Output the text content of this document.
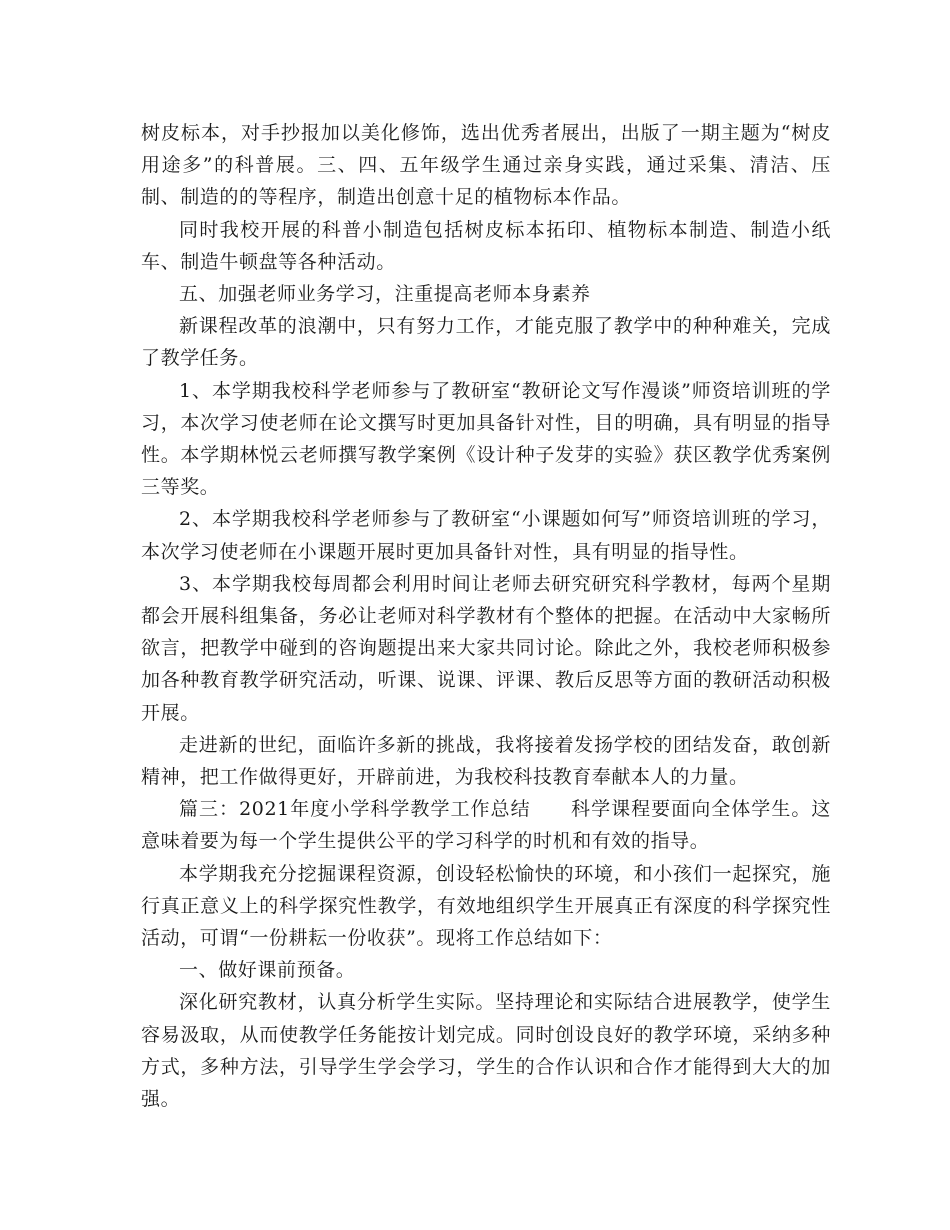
树皮标本，对手抄报加以美化修饰，选出优秀者展出，出版了一期主题为“树皮用途多”的科普展。三、四、五年级学生通过亲身实践，通过采集、清洁、压制、制造的的等程序，制造出创意十足的植物标本作品。

同时我校开展的科普小制造包括树皮标本拓印、植物标本制造、制造小纸车、制造牛顿盘等各种活动。

五、加强老师业务学习，注重提高老师本身素养

新课程改革的浪潮中，只有努力工作，才能克服了教学中的种种难关，完成了教学任务。

1、本学期我校科学老师参与了教研室“教研论文写作漫谈”师资培训班的学习，本次学习使老师在论文撰写时更加具备针对性，目的明确，具有明显的指导性。本学期林悦云老师撰写教学案例《设计种子发芽的实验》获区教学优秀案例三等奖。

2、本学期我校科学老师参与了教研室“小课题如何写”师资培训班的学习，本次学习使老师在小课题开展时更加具备针对性，具有明显的指导性。

3、本学期我校每周都会利用时间让老师去研究研究科学教材，每两个星期都会开展科组集备，务必让老师对科学教材有个整体的把握。在活动中大家畅所欲言，把教学中碰到的咨询题提出来大家共同讨论。除此之外，我校老师积极参加各种教育教学研究活动，听课、说课、评课、教后反思等方面的教研活动积极开展。

走进新的世纪，面临许多新的挑战，我将接着发扬学校的团结发奋，敢创新精神，把工作做得更好，开辟前进，为我校科技教育奉献本人的力量。

篇三：2021年度小学科学教学工作总结 科学课程要面向全体学生。这意味着要为每一个学生提供公平的学习科学的时机和有效的指导。

本学期我充分挖掘课程资源，创设轻松愉快的环境，和小孩们一起探究，施行真正意义上的科学探究性教学，有效地组织学生开展真正有深度的科学探究性活动，可谓“一份耕耘一份收获”。现将工作总结如下：

一、做好课前预备。

深化研究教材，认真分析学生实际。坚持理论和实际结合进展教学，使学生容易汲取，从而使教学任务能按计划完成。同时创设良好的教学环境，采纳多种方式，多种方法，引导学生学会学习，学生的合作认识和合作才能得到大大的加强。
